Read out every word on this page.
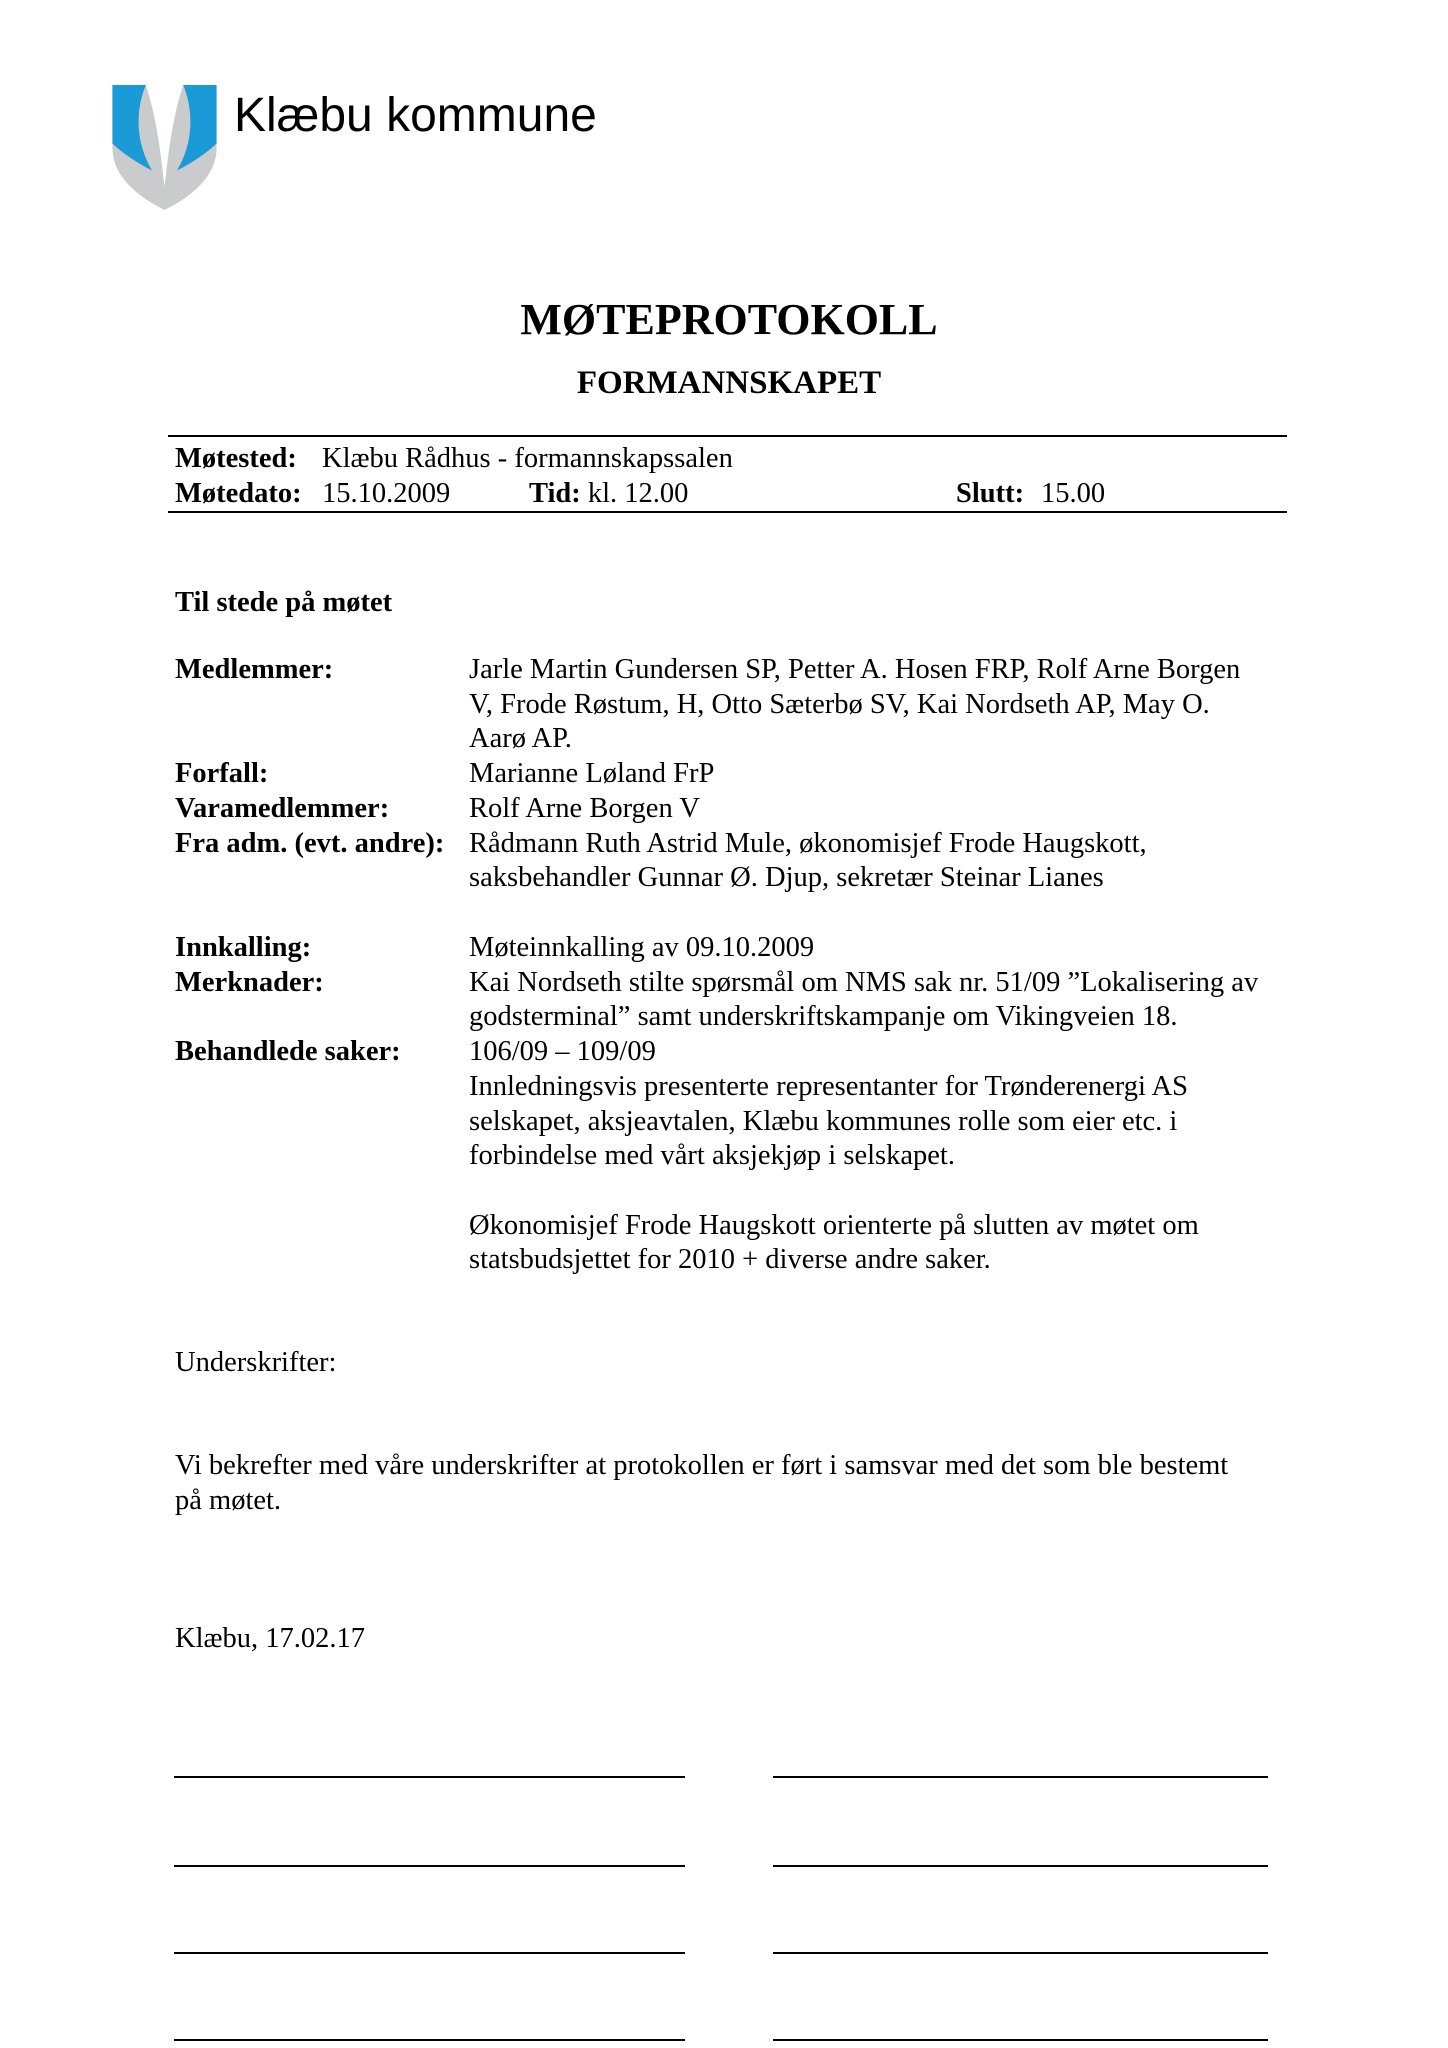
Klæbu kommune
MØTEPROTOKOLL
FORMANNSKAPET
Møtested: Klæbu Rådhus - formannskapssalen
Møtedato: 15.10.2009	Tid: kl. 12.00	Slutt: 15.00
Til stede på møtet
Medlemmer:	Jarle Martin Gundersen SP, Petter A. Hosen FRP, Rolf Arne Borgen
V, Frode Røstum, H, Otto Sæterbø SV, Kai Nordseth AP, May O.
Aarø AP.
Forfall:	Marianne Løland FrP
Varamedlemmer:	Rolf Arne Borgen V
Fra adm. (evt. andre): Rådmann Ruth Astrid Mule, økonomisjef Frode Haugskott,
saksbehandler Gunnar Ø. Djup, sekretær Steinar Lianes
Innkalling:	Møteinnkalling av 09.10.2009
Merknader:	Kai Nordseth stilte spørsmål om NMS sak nr. 51/09 ”Lokalisering av
godsterminal” samt underskriftskampanje om Vikingveien 18.
Behandlede saker:	106/09 – 109/09
Innledningsvis presenterte representanter for Trønderenergi AS
selskapet, aksjeavtalen, Klæbu kommunes rolle som eier etc. i
forbindelse med vårt aksjekjøp i selskapet.
Økonomisjef Frode Haugskott orienterte på slutten av møtet om
statsbudsjettet for 2010 + diverse andre saker.
Underskrifter:
Vi bekrefter med våre underskrifter at protokollen er ført i samsvar med det som ble bestemt
på møtet.
Klæbu, 17.02.17
